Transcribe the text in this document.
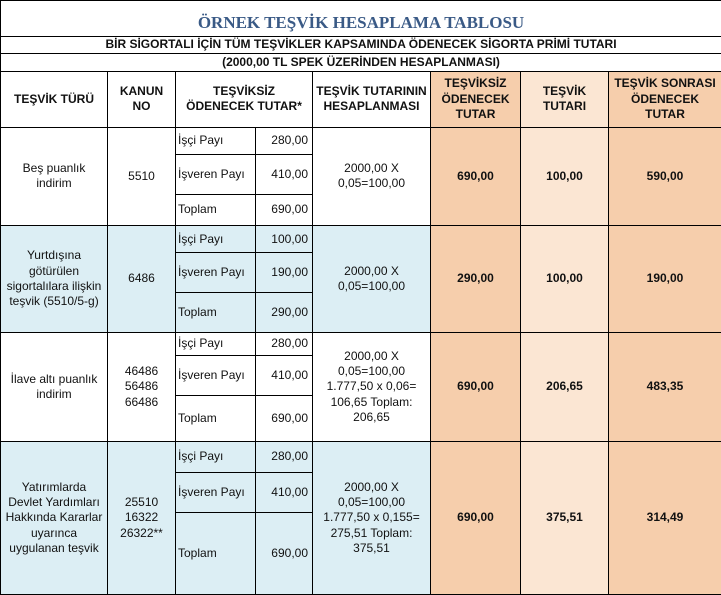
ÖRNEK TEŞVİK HESAPLAMA TABLOSU							
BİR SİGORTALI İÇİN TÜM TEŞVİKLER KAPSAMINDA ÖDENECEK SİGORTA PRİMİ TUTARI							
(2000,00 TL SPEK ÜZERİNDEN HESAPLANMASI)							
TEŞVİK TÜRÜ	KANUN NO	TEŞVİKSİZ ÖDENECEK TUTAR*		TEŞVİK TUTARININ HESAPLANMASI	TEŞVİKSİZ ÖDENECEK TUTAR	TEŞVİK TUTARI	TEŞVİK SONRASI ÖDENECEK TUTAR
Beş puanlık indirim	5510	İşçi Payı	280,00	2000,00 X 0,05=100,00	690,00	100,00	590,00
		İşveren Payı	410,00				
		Toplam	690,00				
Yurtdışına götürülen sigortalılara ilişkin teşvik (5510/5-g)	6486	İşçi Payı	100,00	2000,00 X 0,05=100,00	290,00	100,00	190,00
		İşveren Payı	190,00				
		Toplam	290,00				
İlave altı puanlık indirim	46486 56486 66486	İşçi Payı	280,00	2000,00 X 0,05=100,00 1.777,50 x 0,06= 106,65 Toplam: 206,65	690,00	206,65	483,35
		İşveren Payı	410,00				
		Toplam	690,00				
Yatırımlarda Devlet Yardımları Hakkında Kararlar uyarınca uygulanan teşvik	25510 16322 26322**	İşçi Payı	280,00	2000,00 X 0,05=100,00 1.777,50 x 0,155= 275,51 Toplam: 375,51	690,00	375,51	314,49
		İşveren Payı	410,00				
		Toplam	690,00				
